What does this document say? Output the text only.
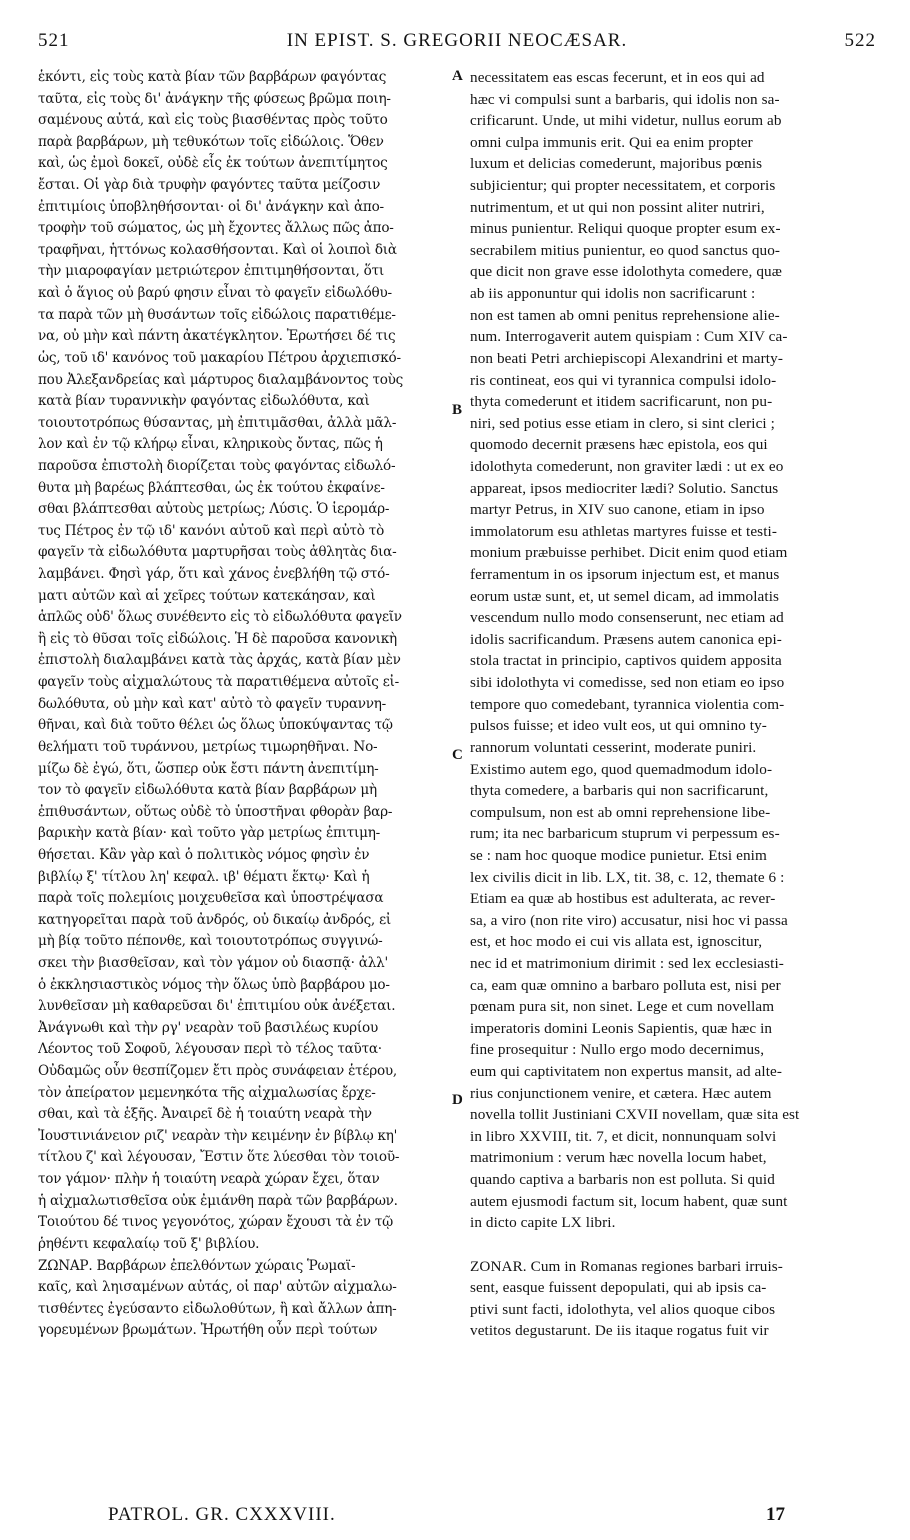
521	IN EPIST. S. GREGORII NEOCÆSAR.	522
ἑκόντι, εἰς τοὺς κατὰ βίαν τῶν βαρβάρων φαγόντας
ταῦτα, εἰς τοὺς δι' ἀνάγκην τῆς φύσεως βρῶμα ποιη-
σαμένους αὐτά, καὶ εἰς τοὺς βιασθέντας πρὸς τοῦτο
παρὰ βαρβάρων, μὴ τεθυκότων τοῖς εἰδώλοις. Ὅθεν
καὶ, ὡς ἐμοὶ δοκεῖ, οὐδὲ εἷς ἐκ τούτων ἀνεπιτίμητος
ἔσται. Οἱ γὰρ διὰ τρυφὴν φαγόντες ταῦτα μείζοσιν
ἐπιτιμίοις ὑποβληθήσονται· οἱ δι' ἀνάγκην καὶ ἀπο-
τροφὴν τοῦ σώματος, ὡς μὴ ἔχοντες ἄλλως πῶς ἀπο-
τραφῆναι, ἡττόνως κολασθήσονται. Καὶ οἱ λοιποὶ διὰ
τὴν μιαροφαγίαν μετριώτερον ἐπιτιμηθήσονται, ὅτι
καὶ ὁ ἅγιος οὐ βαρύ φησιν εἶναι τὸ φαγεῖν εἰδωλόθυ-
τα παρὰ τῶν μὴ θυσάντων τοῖς εἰδώλοις παρατιθέμε-
να, οὐ μὴν καὶ πάντη ἀκατέγκλητον. Ἐρωτήσει δέ τις
ὡς, τοῦ ιδ' κανόνος τοῦ μακαρίου Πέτρου ἀρχιεπισκό-
που Ἀλεξανδρείας καὶ μάρτυρος διαλαμβάνοντος τοὺς
κατὰ βίαν τυραννικὴν φαγόντας εἰδωλόθυτα, καὶ
τοιουτοτρόπως θύσαντας, μὴ ἐπιτιμᾶσθαι, ἀλλὰ μᾶλ-
λον καὶ ἐν τῷ κλήρῳ εἶναι, κληρικοὺς ὄντας, πῶς ἡ
παροῦσα ἐπιστολὴ διορίζεται τοὺς φαγόντας εἰδωλό-
θυτα μὴ βαρέως βλάπτεσθαι, ὡς ἐκ τούτου ἐκφαίνε-
σθαι βλάπτεσθαι αὐτοὺς μετρίως; Λύσις. Ὁ ἱερομάρ-
τυς Πέτρος ἐν τῷ ιδ' κανόνι αὐτοῦ καὶ περὶ αὐτὸ τὸ
φαγεῖν τὰ εἰδωλόθυτα μαρτυρῆσαι τοὺς ἀθλητὰς δια-
λαμβάνει. Φησὶ γάρ, ὅτι καὶ χάνος ἐνεβλήθη τῷ στό-
ματι αὐτῶν καὶ αἱ χεῖρες τούτων κατεκάησαν, καὶ
ἁπλῶς οὐδ' ὅλως συνέθεντο εἰς τὸ εἰδωλόθυτα φαγεῖν
ἢ εἰς τὸ θῦσαι τοῖς εἰδώλοις. Ἡ δὲ παροῦσα κανονικὴ
ἐπιστολὴ διαλαμβάνει κατὰ τὰς ἀρχάς, κατὰ βίαν μὲν
φαγεῖν τοὺς αἰχμαλώτους τὰ παρατιθέμενα αὐτοῖς εἰ-
δωλόθυτα, οὐ μὴν καὶ κατ' αὐτὸ τὸ φαγεῖν τυραννη-
θῆναι, καὶ διὰ τοῦτο θέλει ὡς ὅλως ὑποκύψαντας τῷ
θελήματι τοῦ τυράννου, μετρίως τιμωρηθῆναι. Νο-
μίζω δὲ ἐγώ, ὅτι, ὥσπερ οὐκ ἔστι πάντη ἀνεπιτίμη-
τον τὸ φαγεῖν εἰδωλόθυτα κατὰ βίαν βαρβάρων μὴ
ἐπιθυσάντων, οὕτως οὐδὲ τὸ ὑποστῆναι φθορὰν βαρ-
βαρικὴν κατὰ βίαν· καὶ τοῦτο γὰρ μετρίως ἐπιτιμη-
θήσεται. Κἂν γὰρ καὶ ὁ πολιτικὸς νόμος φησὶν ἐν
βιβλίῳ ξ' τίτλου λη' κεφαλ. ιβ' θέματι ἕκτῳ· Καὶ ἡ
παρὰ τοῖς πολεμίοις μοιχευθεῖσα καὶ ὑποστρέψασα
κατηγορεῖται παρὰ τοῦ ἀνδρός, οὐ δικαίῳ ἀνδρός, εἰ
μὴ βίᾳ τοῦτο πέπονθε, καὶ τοιουτοτρόπως συγγινώ-
σκει τὴν βιασθεῖσαν, καὶ τὸν γάμον οὐ διασπᾷ· ἀλλ'
ὁ ἐκκλησιαστικὸς νόμος τὴν ὅλως ὑπὸ βαρβάρου μο-
λυνθεῖσαν μὴ καθαρεῦσαι δι' ἐπιτιμίου οὐκ ἀνέξεται.
Ἀνάγνωθι καὶ τὴν ργ' νεαρὰν τοῦ βασιλέως κυρίου
Λέοντος τοῦ Σοφοῦ, λέγουσαν περὶ τὸ τέλος ταῦτα·
Οὐδαμῶς οὖν θεσπίζομεν ἔτι πρὸς συνάφειαν ἑτέρου,
τὸν ἀπείρατον μεμενηκότα τῆς αἰχμαλωσίας ἔρχε-
σθαι, καὶ τὰ ἑξῆς. Ἀναιρεῖ δὲ ἡ τοιαύτη νεαρὰ τὴν
Ἰουστινιάνειον ριζ' νεαρὰν τὴν κειμένην ἐν βίβλῳ κη'
τίτλου ζ' καὶ λέγουσαν, Ἔστιν ὅτε λύεσθαι τὸν τοιοῦ-
τον γάμον· πλὴν ἡ τοιαύτη νεαρὰ χώραν ἔχει, ὅταν
ἡ αἰχμαλωτισθεῖσα οὐκ ἐμιάνθη παρὰ τῶν βαρβάρων.
Τοιούτου δέ τινος γεγονότος, χώραν ἔχουσι τὰ ἐν τῷ
ῥηθέντι κεφαλαίῳ τοῦ ξ' βιβλίου.
ΖΩΝΑΡ. Βαρβάρων ἐπελθόντων χώραις Ῥωμαϊ-
καῖς, καὶ ληισαμένων αὐτάς, οἱ παρ' αὐτῶν αἰχμαλω-
τισθέντες ἐγεύσαντο εἰδωλοθύτων, ἢ καὶ ἄλλων ἀπη-
γορευμένων βρωμάτων. Ἠρωτήθη οὖν περὶ τούτων
necessitatem eas escas fecerunt, et in eos qui ad
hæc vi compulsi sunt a barbaris, qui idolis non sa-
crificarunt. Unde, ut mihi videtur, nullus eorum ab
omni culpa immunis erit. Qui ea enim propter
luxum et delicias comederunt, majoribus pœnis
subjicientur; qui propter necessitatem, et corporis
nutrimentum, et ut qui non possint aliter nutriri,
minus punientur. Reliqui quoque propter esum ex-
secrabilem mitius punientur, eo quod sanctus quo-
que dicit non grave esse idolothyta comedere, quæ
ab iis apponuntur qui idolis non sacrificarunt :
non est tamen ab omni penitus reprehensione alie-
num. Interrogaverit autem quispiam : Cum XIV ca-
non beati Petri archiepiscopi Alexandrini et marty-
ris contineat, eos qui vi tyrannica compulsi idolo-
thyta comederunt et itidem sacrificarunt, non pu-
niri, sed potius esse etiam in clero, si sint clerici ;
quomodo decernit præsens hæc epistola, eos qui
idolothyta comederunt, non graviter lædi : ut ex eo
appareat, ipsos mediocriter lædi? Solutio. Sanctus
martyr Petrus, in XIV suo canone, etiam in ipso
immolatorum esu athletas martyres fuisse et testi-
monium præbuisse perhibet. Dicit enim quod etiam
ferramentum in os ipsorum injectum est, et manus
eorum ustæ sunt, et, ut semel dicam, ad immolatis
vescendum nullo modo consenserunt, nec etiam ad
idolis sacrificandum. Præsens autem canonica epi-
stola tractat in principio, captivos quidem apposita
sibi idolothyta vi comedisse, sed non etiam eo ipso
tempore quo comedebant, tyrannica violentia com-
pulsos fuisse; et ideo vult eos, ut qui omnino ty-
rannorum voluntati cesserint, moderate puniri.
Existimo autem ego, quod quemadmodum idolo-
thyta comedere, a barbaris qui non sacrificarunt,
compulsum, non est ab omni reprehensione libe-
rum; ita nec barbaricum stuprum vi perpessum es-
se : nam hoc quoque modice punietur. Etsi enim
lex civilis dicit in lib. LX, tit. 38, c. 12, themate 6 :
Etiam ea quæ ab hostibus est adulterata, ac rever-
sa, a viro (non rite viro) accusatur, nisi hoc vi passa
est, et hoc modo ei cui vis allata est, ignoscitur,
nec id et matrimonium dirimit : sed lex ecclesiasti-
ca, eam quæ omnino a barbaro polluta est, nisi per
pœnam pura sit, non sinet. Lege et cum novellam
imperatoris domini Leonis Sapientis, quæ hæc in
fine prosequitur : Nullo ergo modo decernimus,
eum qui captivitatem non expertus mansit, ad alte-
rius conjunctionem venire, et cætera. Hæc autem
novella tollit Justiniani CXVII novellam, quæ sita est
in libro XXVIII, tit. 7, et dicit, nonnunquam solvi
matrimonium : verum hæc novella locum habet,
quando captiva a barbaris non est polluta. Si quid
autem ejusmodi factum sit, locum habent, quæ sunt
in dicto capite LX libri.
ZONAR. Cum in Romanas regiones barbari irruis-
sent, easque fuissent depopulati, qui ab ipsis ca-
ptivi sunt facti, idolothyta, vel alios quoque cibos
vetitos degustarunt. De iis itaque rogatus fuit vir
A
B
C
D
PATROL. GR. CXXXVIII.	17
